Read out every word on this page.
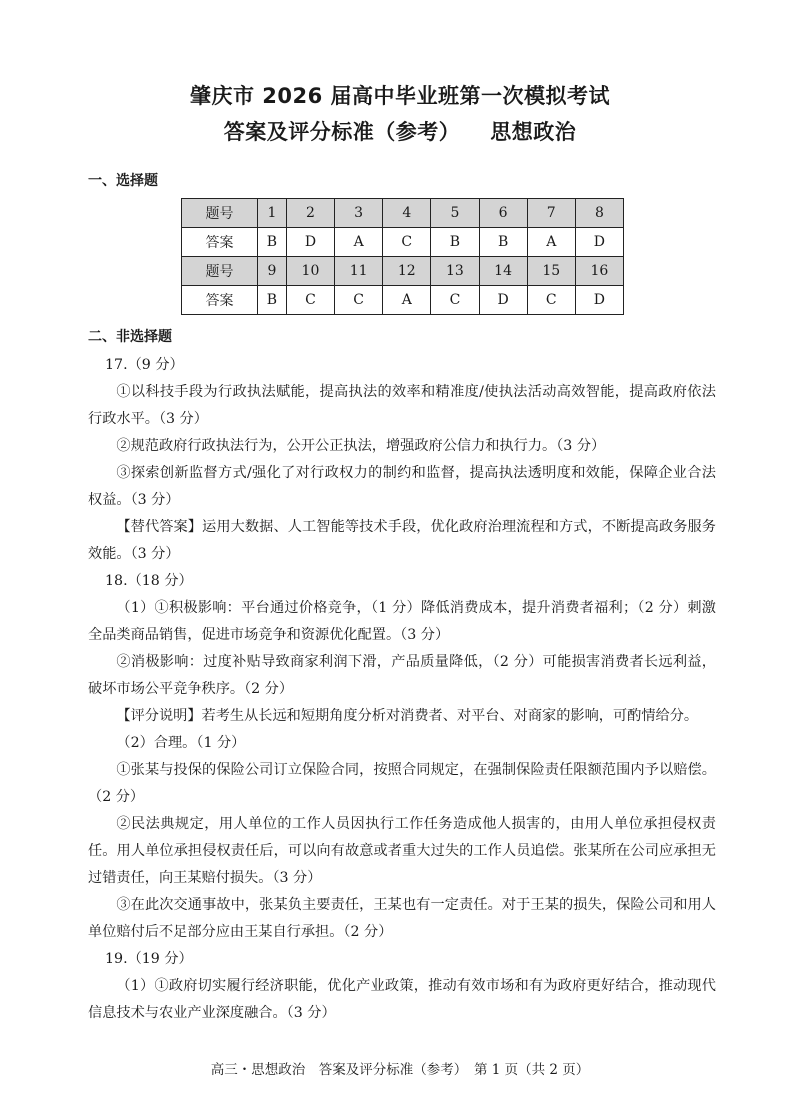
肇庆市 2026 届高中毕业班第一次模拟考试
答案及评分标准（参考） 思想政治
一、选择题
题号	1	2	3	4	5	6	7	8
答案	B	D	A	C	B	B	A	D
题号	9	10	11	12	13	14	15	16
答案	B	C	C	A	C	D	C	D
二、非选择题

17.（9 分）

①以科技手段为行政执法赋能，提高执法的效率和精准度/使执法活动高效智能，提高政府依法行政水平。（3 分）

②规范政府行政执法行为，公开公正执法，增强政府公信力和执行力。（3 分）

③探索创新监督方式/强化了对行政权力的制约和监督，提高执法透明度和效能，保障企业合法权益。（3 分）

【替代答案】运用大数据、人工智能等技术手段，优化政府治理流程和方式，不断提高政务服务效能。（3 分）

18.（18 分）

（1）①积极影响：平台通过价格竞争，（1 分）降低消费成本，提升消费者福利；（2 分）刺激全品类商品销售，促进市场竞争和资源优化配置。（3 分）

②消极影响：过度补贴导致商家利润下滑，产品质量降低，（2 分）可能损害消费者长远利益，破坏市场公平竞争秩序。（2 分）

【评分说明】若考生从长远和短期角度分析对消费者、对平台、对商家的影响，可酌情给分。

（2）合理。（1 分）

①张某与投保的保险公司订立保险合同，按照合同规定，在强制保险责任限额范围内予以赔偿。（2 分）

②民法典规定，用人单位的工作人员因执行工作任务造成他人损害的，由用人单位承担侵权责任。用人单位承担侵权责任后，可以向有故意或者重大过失的工作人员追偿。张某所在公司应承担无过错责任，向王某赔付损失。（3 分）

③在此次交通事故中，张某负主要责任，王某也有一定责任。对于王某的损失，保险公司和用人单位赔付后不足部分应由王某自行承担。（2 分）

19.（19 分）

（1）①政府切实履行经济职能，优化产业政策，推动有效市场和有为政府更好结合，推动现代信息技术与农业产业深度融合。（3 分）

高三・思想政治　答案及评分标准（参考）　第 1 页（共 2 页）
